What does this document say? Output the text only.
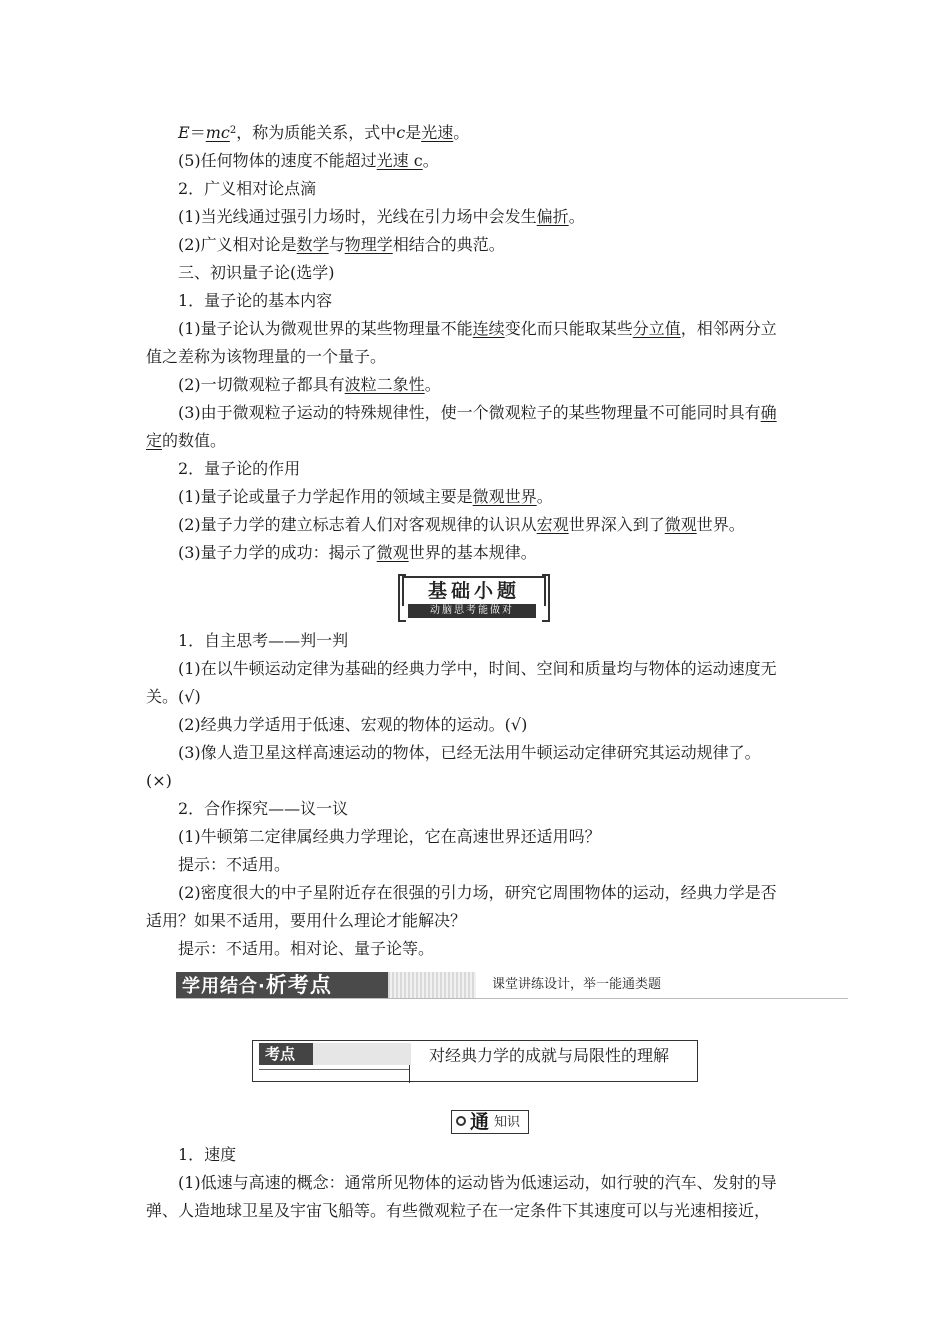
$E=mc^2$，称为质能关系，式中c是光速。
(5)任何物体的速度不能超过光速 c。
2．广义相对论点滴
(1)当光线通过强引力场时，光线在引力场中会发生偏折。
(2)广义相对论是数学与物理学相结合的典范。
三、初识量子论(选学)
1．量子论的基本内容
(1)量子论认为微观世界的某些物理量不能连续变化而只能取某些分立值，相邻两分立
值之差称为该物理量的一个量子。
(2)一切微观粒子都具有波粒二象性。
(3)由于微观粒子运动的特殊规律性，使一个微观粒子的某些物理量不可能同时具有确
定的数值。
2．量子论的作用
(1)量子论或量子力学起作用的领域主要是微观世界。
(2)量子力学的建立标志着人们对客观规律的认识从宏观世界深入到了微观世界。
(3)量子力学的成功：揭示了微观世界的基本规律。
基础小题
动脑思考能做对
1．自主思考——判一判
(1)在以牛顿运动定律为基础的经典力学中，时间、空间和质量均与物体的运动速度无
关。(√)
(2)经典力学适用于低速、宏观的物体的运动。(√)
(3)像人造卫星这样高速运动的物体，已经无法用牛顿运动定律研究其运动规律了。
(×)
2．合作探究——议一议
(1)牛顿第二定律属经典力学理论，它在高速世界还适用吗？
提示：不适用。
(2)密度很大的中子星附近存在很强的引力场，研究它周围物体的运动，经典力学是否
适用？如果不适用，要用什么理论才能解决？
提示：不适用。相对论、量子论等。
学用结合·析考点	课堂讲练设计，举一能通类题
考点	对经典力学的成就与局限性的理解
通 知识
1．速度
(1)低速与高速的概念：通常所见物体的运动皆为低速运动，如行驶的汽车、发射的导
弹、人造地球卫星及宇宙飞船等。有些微观粒子在一定条件下其速度可以与光速相接近，
